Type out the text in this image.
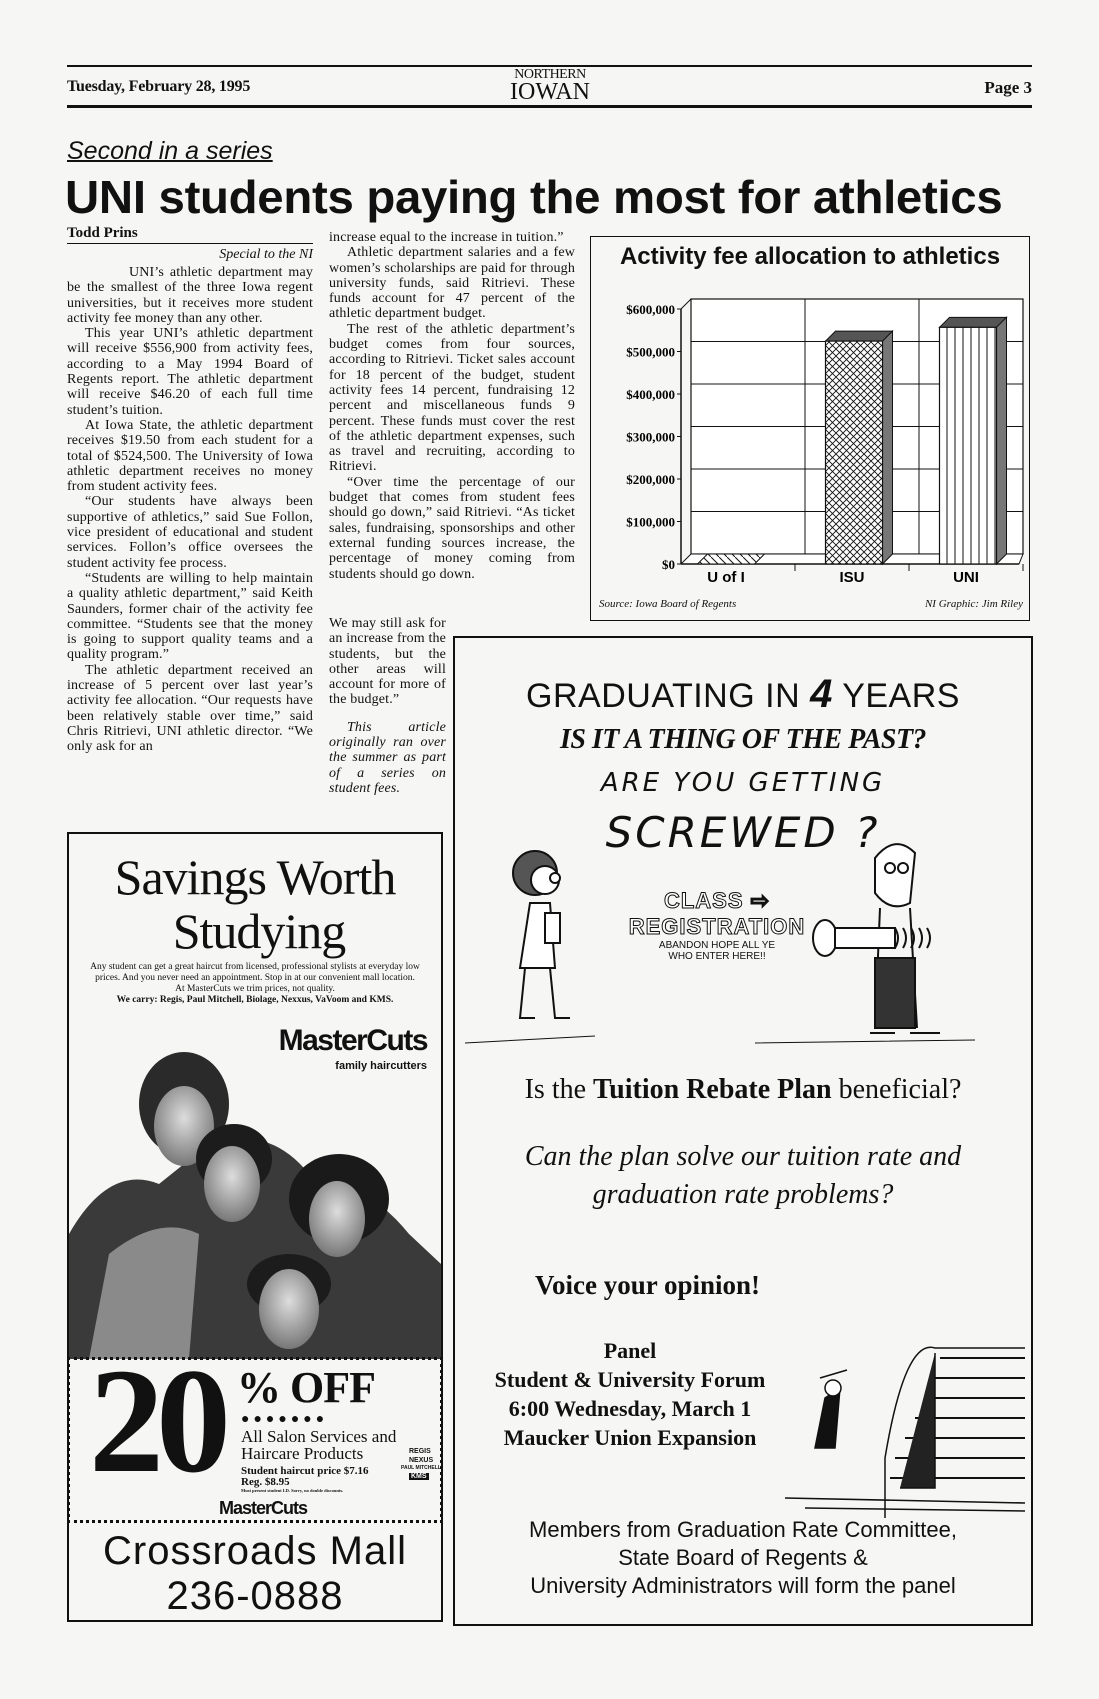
Tuesday, February 28, 1995
NORTHERN
IOWAN	Page 3
Second in a series
UNI students paying the most for athletics
Todd Prins
Special to the NI

UNI’s athletic department may be the smallest of the three Iowa regent universities, but it receives more student activity fee money than any other.

This year UNI’s athletic department will receive $556,900 from activity fees, according to a May 1994 Board of Regents report. The athletic department will receive $46.20 of each full time student’s tuition.

At Iowa State, the athletic department receives $19.50 from each student for a total of $524,500. The University of Iowa athletic department receives no money from student activity fees.

“Our students have always been supportive of athletics,” said Sue Follon, vice president of educational and student services. Follon’s office oversees the student activity fee process.

“Students are willing to help maintain a quality athletic department,” said Keith Saunders, former chair of the activity fee committee. “Students see that the money is going to support quality teams and a quality program.”

The athletic department received an increase of 5 percent over last year’s activity fee allocation. “Our requests have been relatively stable over time,” said Chris Ritrievi, UNI athletic director. “We only ask for an

increase equal to the increase in tuition.”

Athletic department salaries and a few women’s scholarships are paid for through university funds, said Ritrievi. These funds account for 47 percent of the athletic department budget.

The rest of the athletic department’s budget comes from four sources, according to Ritrievi. Ticket sales account for 18 percent of the budget, student activity fees 14 percent, fundraising 12 percent and miscellaneous funds 9 percent. These funds must cover the rest of the athletic department expenses, such as travel and recruiting, according to Ritrievi.

“Over time the percentage of our budget that comes from student fees should go down,” said Ritrievi. “As ticket sales, fundraising, sponsorships and other external funding sources increase, the percentage of money coming from students should go down.

We may still ask for an increase from the students, but the other areas will account for more of the budget.”

This article originally ran over the summer as part of a series on student fees.

Activity fee allocation to athletics
$0
$100,000
$200,000
$300,000
$400,000
$500,000
$600,000
U of I	ISU	UNI
Source: Iowa Board of Regents	NI Graphic: Jim Riley
Savings Worth
Studying
Any student can get a great haircut from licensed, professional stylists at everyday low prices. And you never need an appointment. Stop in at our convenient mall location.
At MasterCuts we trim prices, not quality.
We carry: Regis, Paul Mitchell, Biolage, Nexxus, VaVoom and KMS.
MasterCuts
family haircutters
20 % OFF
●●●●●●●
All Salon Services and
Haircare Products
Student haircut price $7.16
Reg. $8.95
Must present student I.D. Sorry, no double discounts.
REGIS
NEXUS
PAUL MITCHELL
KMS
MasterCuts
Crossroads Mall
236-0888
GRADUATING IN 4 YEARS
IS IT A THING OF THE PAST?
ARE YOU GETTING
SCREWED ?
CLASS ⇨
REGISTRATION
ABANDON HOPE ALL YE
WHO ENTER HERE!!
Is the Tuition Rebate Plan beneficial?
Can the plan solve our tuition rate and
graduation rate problems?
Voice your opinion!
Panel
Student & University Forum
6:00 Wednesday, March 1
Maucker Union Expansion
Members from Graduation Rate Committee,
State Board of Regents &
University Administrators will form the panel
